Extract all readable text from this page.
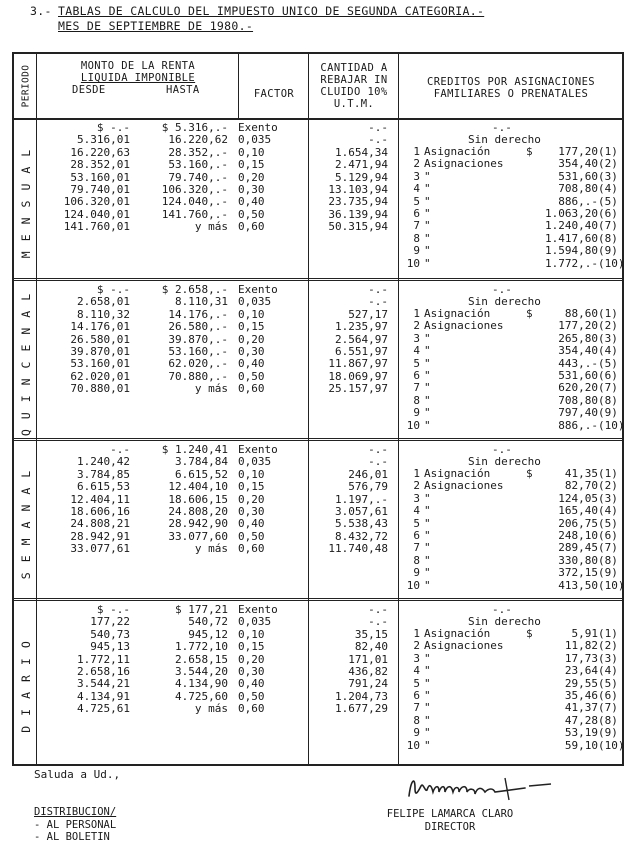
3.- TABLAS DE CALCULO DEL IMPUESTO UNICO DE SEGUNDA CATEGORIA.-
MES DE SEPTIEMBRE DE 1980.-
PERIODO	MONTO DE LA RENTA
LIQUIDA IMPONIBLE
DESDE	HASTA	FACTOR
CANTIDAD A
REBAJAR IN
CLUIDO 10%
U.T.M.
CREDITOS POR ASIGNACIONES
FAMILIARES O PRENATALES
MENSUAL
$ -.-	$ 5.316,.- Exento	-.-
5.316,01	16.220,62 0,035	-.-
16.220,63	28.352,.- 0,10	1.654,34
28.352,01	53.160,.- 0,15	2.471,94
53.160,01	79.740,.- 0,20	5.129,94
79.740,01	106.320,.- 0,30	13.103,94
106.320,01	124.040,.- 0,40	23.735,94
124.040,01	141.760,.- 0,50	36.139,94
141.760,01	y más 0,60	50.315,94
-.-
Sin derecho
1 Asignación	$	177,20 (1)
2 Asignaciones	354,40 (2)
3 "	531,60 (3)
4 "	708,80 (4)
5 "	886,.- (5)
6 "	1.063,20 (6)
7 "	1.240,40 (7)
8 "	1.417,60 (8)
9 "	1.594,80 (9)
10 "	1.772,.- (10)
QUINCENAL	$ -.-	$ 2.658,.- Exento	-.-
2.658,01	8.110,31 0,035	-.-
8.110,32	14.176,.- 0,10	527,17
14.176,01	26.580,.- 0,15	1.235,97
26.580,01	39.870,.- 0,20	2.564,97
39.870,01	53.160,.- 0,30	6.551,97
53.160,01	62.020,.- 0,40	11.867,97
62.020,01	70.880,.- 0,50	18.069,97
70.880,01	y más 0,60	25.157,97
-.-
Sin derecho
1 Asignación	$	88,60 (1)
2 Asignaciones	177,20 (2)
3 "	265,80 (3)
4 "	354,40 (4)
5 "	443,.- (5)
6 "	531,60 (6)
7 "	620,20 (7)
8 "	708,80 (8)
9 "	797,40 (9)
10 "	886,.- (10)
SEMANAL
-.-	$ 1.240,41 Exento	-.-
1.240,42	3.784,84 0,035	-.-
3.784,85	6.615,52 0,10	246,01
6.615,53	12.404,10 0,15	576,79
12.404,11	18.606,15 0,20	1.197,.-
18.606,16	24.808,20 0,30	3.057,61
24.808,21	28.942,90 0,40	5.538,43
28.942,91	33.077,60 0,50	8.432,72
33.077,61	y más 0,60	11.740,48
-.-
Sin derecho
1 Asignación	$	41,35 (1)
2 Asignaciones	82,70 (2)
3 "	124,05 (3)
4 "	165,40 (4)
5 "	206,75 (5)
6 "	248,10 (6)
7 "	289,45 (7)
8 "	330,80 (8)
9 "	372,15 (9)
10 "	413,50 (10)
DIARIO
$ -.-	$ 177,21 Exento	-.-
177,22	540,72 0,035	-.-
540,73	945,12 0,10	35,15
945,13	1.772,10 0,15	82,40
1.772,11	2.658,15 0,20	171,01
2.658,16	3.544,20 0,30	436,82
3.544,21	4.134,90 0,40	791,24
4.134,91	4.725,60 0,50	1.204,73
4.725,61	y más 0,60	1.677,29
-.-
Sin derecho
1 Asignación	$	5,91 (1)
2 Asignaciones	11,82 (2)
3 "	17,73 (3)
4 "	23,64 (4)
5 "	29,55 (5)
6 "	35,46 (6)
7 "	41,37 (7)
8 "	47,28 (8)
9 "	53,19 (9)
10 "	59,10 (10)
Saluda a Ud.,
FELIPE LAMARCA CLARO
DIRECTOR
DISTRIBUCION/
- AL PERSONAL
- AL BOLETIN
